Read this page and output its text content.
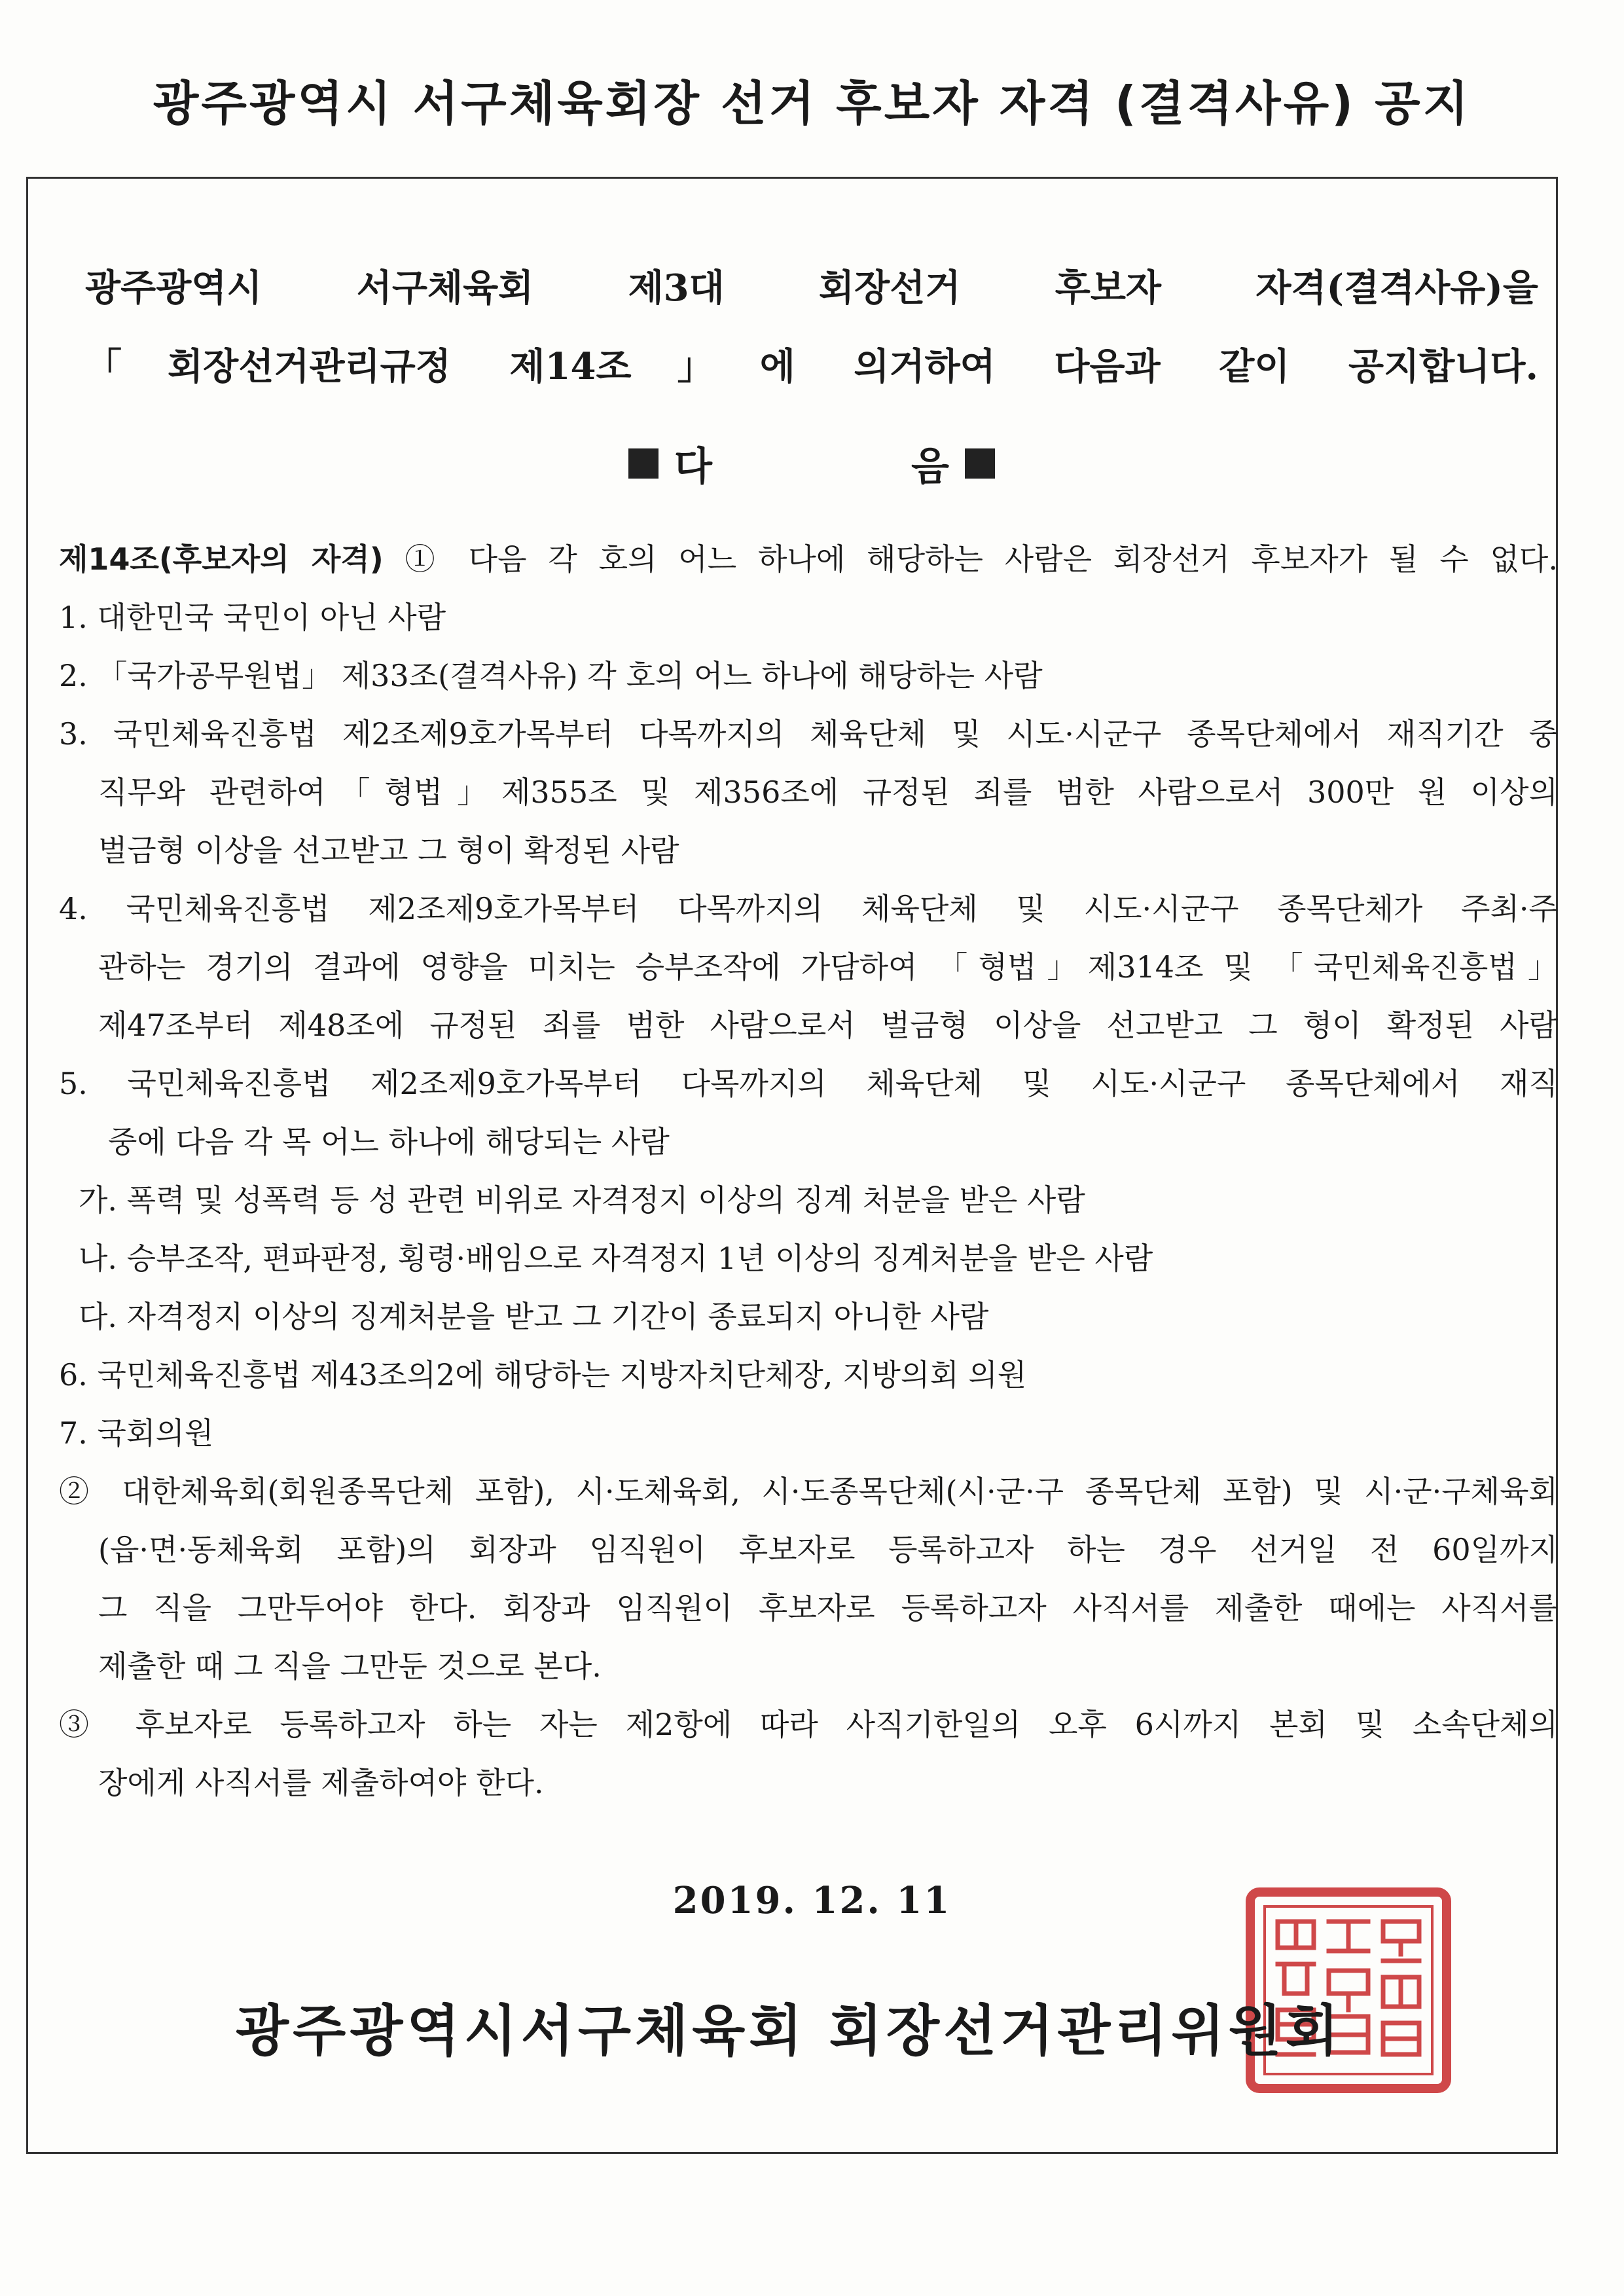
광주광역시 서구체육회장 선거 후보자 자격 (결격사유) 공지

광주광역시 서구체육회 제3대 회장선거 후보자 자격(결격사유)을

「회장선거관리규정 제14조」에 의거하여 다음과 같이 공지합니다.

다	음

제14조(후보자의 자격) ① 다음 각 호의 어느 하나에 해당하는 사람은 회장선거 후보자가 될 수 없다.

1. 대한민국 국민이 아닌 사람

2. 「국가공무원법」 제33조(결격사유) 각 호의 어느 하나에 해당하는 사람

3. 국민체육진흥법 제2조제9호가목부터 다목까지의 체육단체 및 시도·시군구 종목단체에서 재직기간 중

직무와 관련하여「형법」제355조 및 제356조에 규정된 죄를 범한 사람으로서 300만 원 이상의

벌금형 이상을 선고받고 그 형이 확정된 사람

4. 국민체육진흥법 제2조제9호가목부터 다목까지의 체육단체 및 시도·시군구 종목단체가 주최·주

관하는 경기의 결과에 영향을 미치는 승부조작에 가담하여 「형법」제314조 및 「국민체육진흥법」

제47조부터 제48조에 규정된 죄를 범한 사람으로서 벌금형 이상을 선고받고 그 형이 확정된 사람

5. 국민체육진흥법 제2조제9호가목부터 다목까지의 체육단체 및 시도·시군구 종목단체에서 재직

중에 다음 각 목 어느 하나에 해당되는 사람

가. 폭력 및 성폭력 등 성 관련 비위로 자격정지 이상의 징계 처분을 받은 사람

나. 승부조작, 편파판정, 횡령·배임으로 자격정지 1년 이상의 징계처분을 받은 사람

다. 자격정지 이상의 징계처분을 받고 그 기간이 종료되지 아니한 사람

6. 국민체육진흥법 제43조의2에 해당하는 지방자치단체장, 지방의회 의원

7. 국회의원

② 대한체육회(회원종목단체 포함), 시·도체육회, 시·도종목단체(시·군·구 종목단체 포함) 및 시·군·구체육회

(읍·면·동체육회 포함)의 회장과 임직원이 후보자로 등록하고자 하는 경우 선거일 전 60일까지

그 직을 그만두어야 한다. 회장과 임직원이 후보자로 등록하고자 사직서를 제출한 때에는 사직서를

제출한 때 그 직을 그만둔 것으로 본다.

③ 후보자로 등록하고자 하는 자는 제2항에 따라 사직기한일의 오후 6시까지 본회 및 소속단체의

장에게 사직서를 제출하여야 한다.

2019. 12. 11
광주광역시서구체육회 회장선거관리위원회
